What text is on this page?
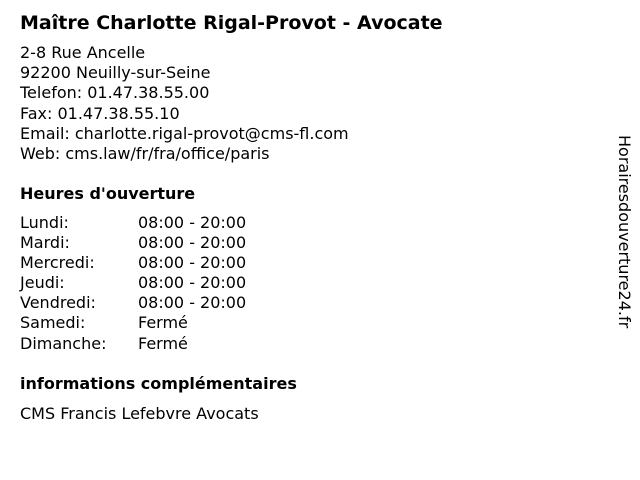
Maître Charlotte Rigal-Provot - Avocate
2-8 Rue Ancelle
92200 Neuilly-sur-Seine
Telefon: 01.47.38.55.00
Fax: 01.47.38.55.10
Email: charlotte.rigal-provot@cms-fl.com
Web: cms.law/fr/fra/office/paris
Heures d'ouverture
Lundi:	08:00 - 20:00
Mardi:	08:00 - 20:00
Mercredi:	08:00 - 20:00
Jeudi:	08:00 - 20:00
Vendredi:	08:00 - 20:00
Samedi:	Fermé
Dimanche: Fermé
informations complémentaires
CMS Francis Lefebvre Avocats
Horairesdouverture24.fr
